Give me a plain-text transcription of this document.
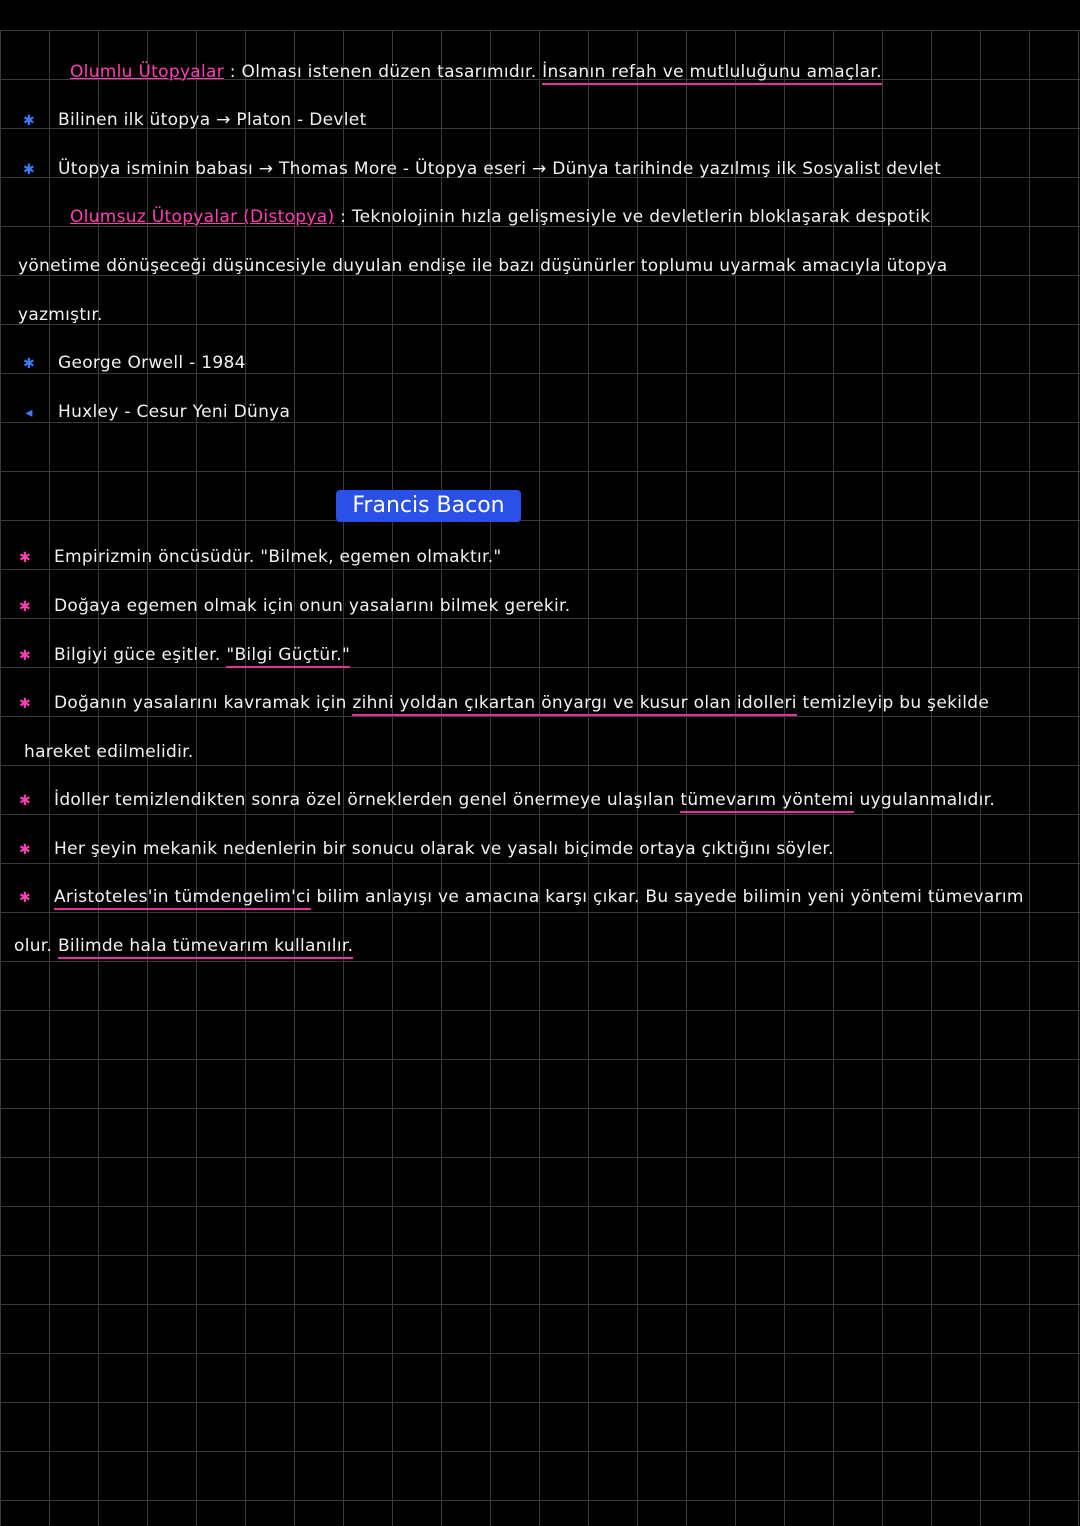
Olumlu Ütopyalar : Olması istenen düzen tasarımıdır. İnsanın refah ve mutluluğunu amaçlar.
✱ Bilinen ilk ütopya → Platon - Devlet
✱ Ütopya isminin babası → Thomas More - Ütopya eseri → Dünya tarihinde yazılmış ilk Sosyalist devlet
Olumsuz Ütopyalar (Distopya) : Teknolojinin hızla gelişmesiyle ve devletlerin bloklaşarak despotik
yönetime dönüşeceği düşüncesiyle duyulan endişe ile bazı düşünürler toplumu uyarmak amacıyla ütopya
yazmıştır.
✱ George Orwell - 1984
◂ Huxley - Cesur Yeni Dünya
Francis Bacon
✱ Empirizmin öncüsüdür. "Bilmek, egemen olmaktır."
✱ Doğaya egemen olmak için onun yasalarını bilmek gerekir.
✱ Bilgiyi güce eşitler. "Bilgi Güçtür."
✱ Doğanın yasalarını kavramak için zihni yoldan çıkartan önyargı ve kusur olan idolleri temizleyip bu şekilde
hareket edilmelidir.
✱ İdoller temizlendikten sonra özel örneklerden genel önermeye ulaşılan tümevarım yöntemi uygulanmalıdır.
✱ Her şeyin mekanik nedenlerin bir sonucu olarak ve yasalı biçimde ortaya çıktığını söyler.
✱ Aristoteles'in tümdengelim'ci bilim anlayışı ve amacına karşı çıkar. Bu sayede bilimin yeni yöntemi tümevarım
olur. Bilimde hala tümevarım kullanılır.
